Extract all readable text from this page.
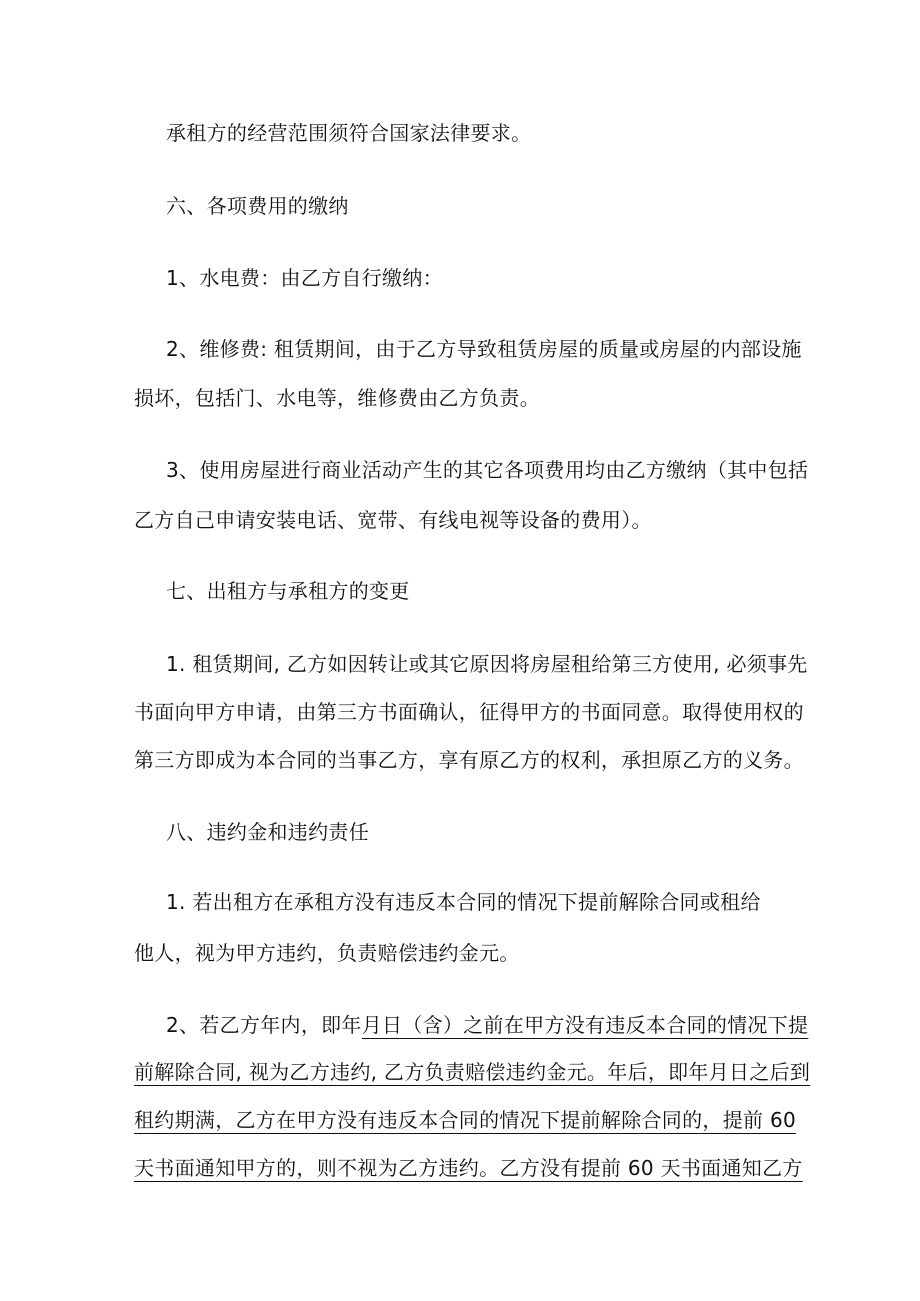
承租方的经营范围须符合国家法律要求。
六、各项费用的缴纳
1、水电费：由乙方自行缴纳：
2、维修费: 租赁期间，由于乙方导致租赁房屋的质量或房屋的内部设施
损坏，包括门、水电等，维修费由乙方负责。
3、使用房屋进行商业活动产生的其它各项费用均由乙方缴纳（其中包括
乙方自己申请安装电话、宽带、有线电视等设备的费用）。
七、出租方与承租方的变更
1. 租赁期间, 乙方如因转让或其它原因将房屋租给第三方使用, 必须事先
书面向甲方申请，由第三方书面确认，征得甲方的书面同意。取得使用权的
第三方即成为本合同的当事乙方，享有原乙方的权利，承担原乙方的义务。
八、违约金和违约责任
1. 若出租方在承租方没有违反本合同的情况下提前解除合同或租给
他人，视为甲方违约，负责赔偿违约金元。
2、若乙方年内，即年月日（含）之前在甲方没有违反本合同的情况下提
前解除合同, 视为乙方违约, 乙方负责赔偿违约金元。年后，即年月日之后到
租约期满，乙方在甲方没有违反本合同的情况下提前解除合同的，提前 60
天书面通知甲方的，则不视为乙方违约。乙方没有提前 60 天书面通知乙方
